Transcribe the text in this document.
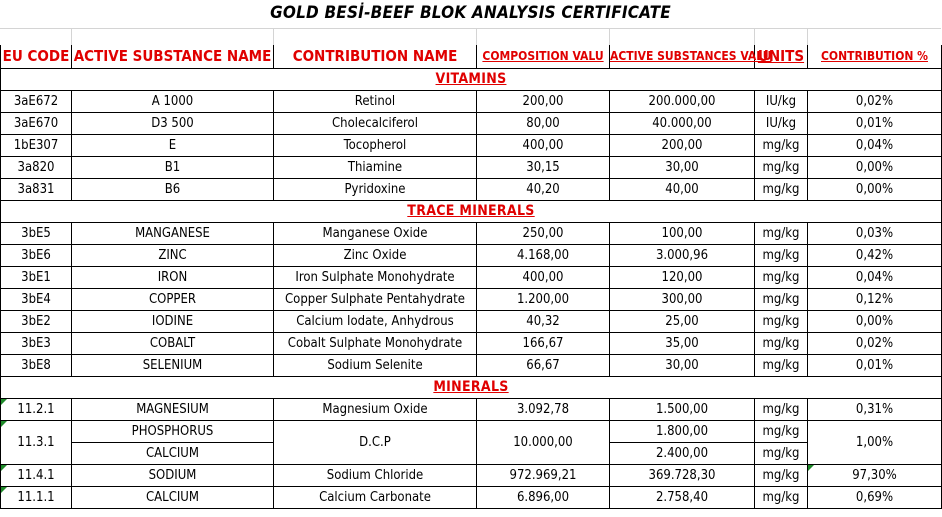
GOLD BESİ-BEEF BLOK ANALYSIS CERTIFICATE
EU CODE	ACTIVE SUBSTANCE NAME	CONTRIBUTION NAME	COMPOSITION VALU	ACTIVE SUBSTANCES VALU	UNITS	CONTRIBUTION %
VITAMINS						
3aE672	A 1000	Retinol	200,00	200.000,00	IU/kg	0,02%
3aE670	D3 500	Cholecalciferol	80,00	40.000,00	IU/kg	0,01%
1bE307	E	Tocopherol	400,00	200,00	mg/kg	0,04%
3a820	B1	Thiamine	30,15	30,00	mg/kg	0,00%
3a831	B6	Pyridoxine	40,20	40,00	mg/kg	0,00%
TRACE MINERALS						
3bE5	MANGANESE	Manganese Oxide	250,00	100,00	mg/kg	0,03%
3bE6	ZINC	Zinc Oxide	4.168,00	3.000,96	mg/kg	0,42%
3bE1	IRON	Iron Sulphate Monohydrate	400,00	120,00	mg/kg	0,04%
3bE4	COPPER	Copper Sulphate Pentahydrate	1.200,00	300,00	mg/kg	0,12%
3bE2	IODINE	Calcium Iodate, Anhydrous	40,32	25,00	mg/kg	0,00%
3bE3	COBALT	Cobalt Sulphate Monohydrate	166,67	35,00	mg/kg	0,02%
3bE8	SELENIUM	Sodium Selenite	66,67	30,00	mg/kg	0,01%
MINERALS						

11.2.1	MAGNESIUM	Magnesium Oxide	3.092,78	1.500,00	mg/kg	0,31%

11.3.1	PHOSPHORUS	D.C.P	10.000,00	1.800,00	mg/kg	1,00%
	CALCIUM			2.400,00	mg/kg	

11.4.1	SODIUM	Sodium Chloride	972.969,21	369.728,30	mg/kg	97,30%

11.1.1	CALCIUM	Calcium Carbonate	6.896,00	2.758,40	mg/kg	0,69%
